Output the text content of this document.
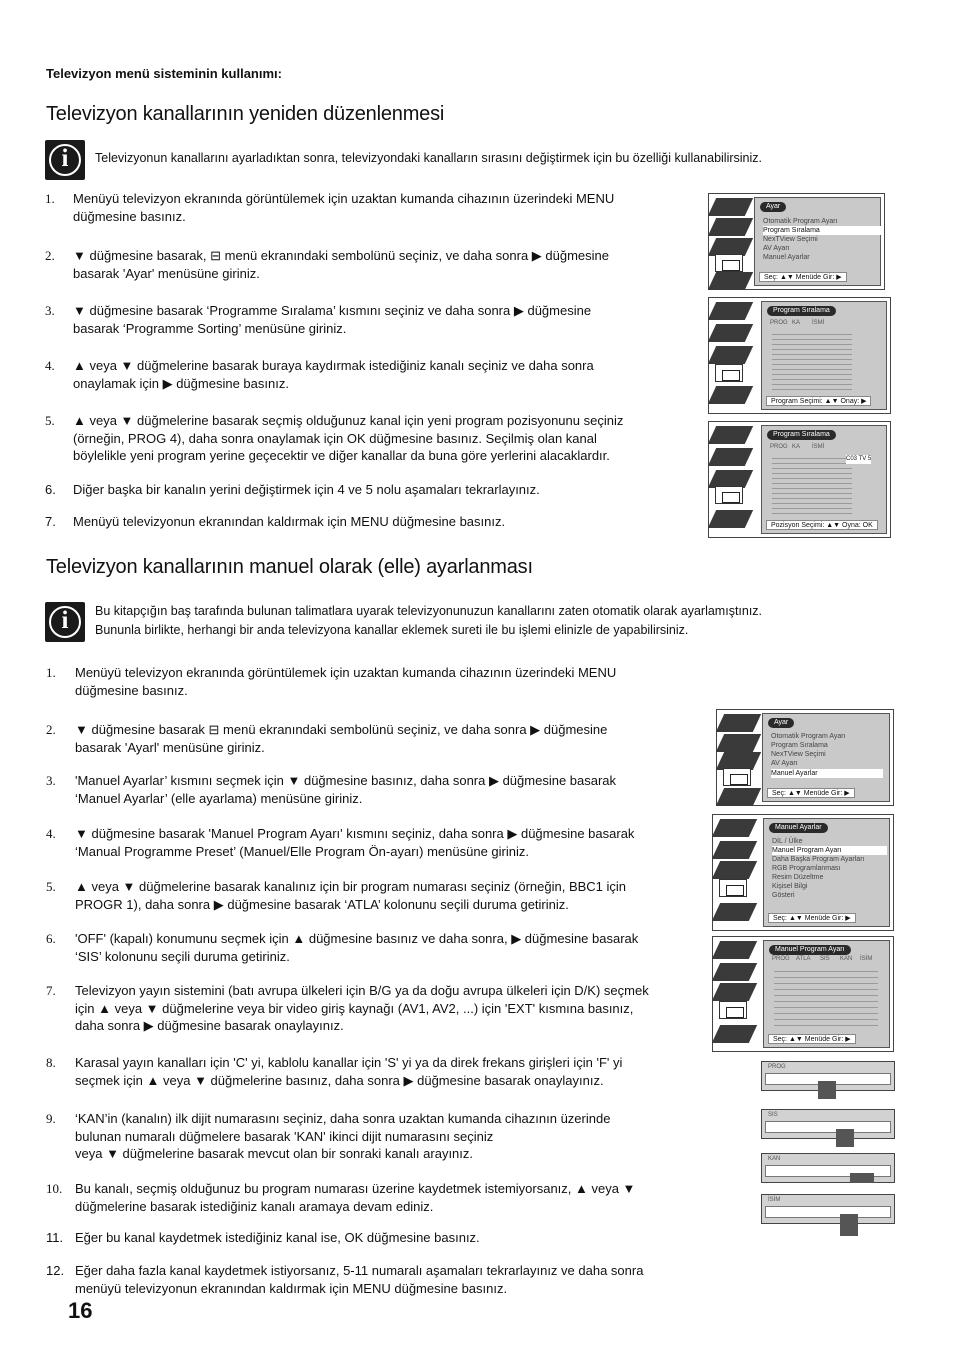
Televizyon menü sisteminin kullanımı:
Televizyon kanallarının yeniden düzenlenmesi
i	Televizyonun kanallarını ayarladıktan sonra, televizyondaki kanalların sırasını değiştirmek için bu özelliği kullanabilirsiniz.
1. Menüyü televizyon ekranında görüntülemek için uzaktan kumanda cihazının üzerindeki MENU
düğmesine basınız.
2. ▼ düğmesine basarak, ⊟ menü ekranındaki sembolünü seçiniz, ve daha sonra ▶ düğmesine
basarak 'Ayar' menüsüne giriniz.
3. ▼ düğmesine basarak ‘Programme Sıralama’ kısmını seçiniz ve daha sonra ▶ düğmesine
basarak ‘Programme Sorting’ menüsüne giriniz.
4. ▲ veya ▼ düğmelerine basarak buraya kaydırmak istediğiniz kanalı seçiniz ve daha sonra
onaylamak için ▶ düğmesine basınız.
5. ▲ veya ▼ düğmelerine basarak seçmiş olduğunuz kanal için yeni program pozisyonunu seçiniz
(örneğin, PROG 4), daha sonra onaylamak için OK düğmesine basınız. Seçilmiş olan kanal
böylelikle yeni program yerine geçecektir ve diğer kanallar da buna göre yerlerini alacaklardır.
6. Diğer başka bir kanalın yerini değiştirmek için 4 ve 5 nolu aşamaları tekrarlayınız.
7. Menüyü televizyonun ekranından kaldırmak için MENU düğmesine basınız.
Televizyon kanallarının manuel olarak (elle) ayarlanması
i	Bu kitapçığın baş tarafında bulunan talimatlara uyarak televizyonunuzun kanallarını zaten otomatik olarak ayarlamıştınız.
Bununla birlikte, herhangi bir anda televizyona kanallar eklemek sureti ile bu işlemi elinizle de yapabilirsiniz.
1. Menüyü televizyon ekranında görüntülemek için uzaktan kumanda cihazının üzerindeki MENU
düğmesine basınız.
2. ▼ düğmesine basarak ⊟ menü ekranındaki sembolünü seçiniz, ve daha sonra ▶ düğmesine
basarak 'Ayarl' menüsüne giriniz.
3. 'Manuel Ayarlar’ kısmını seçmek için ▼ düğmesine basınız, daha sonra ▶ düğmesine basarak
‘Manuel Ayarlar’ (elle ayarlama) menüsüne giriniz.
4. ▼ düğmesine basarak 'Manuel Program Ayarı' kısmını seçiniz, daha sonra ▶ düğmesine basarak
‘Manual Programme Preset’ (Manuel/Elle Program Ön-ayarı) menüsüne giriniz.
5. ▲ veya ▼ düğmelerine basarak kanalınız için bir program numarası seçiniz (örneğin, BBC1 için
PROGR 1), daha sonra ▶ düğmesine basarak ‘ATLA’ kolonunu seçili duruma getiriniz.
6. 'OFF' (kapalı) konumunu seçmek için ▲ düğmesine basınız ve daha sonra, ▶ düğmesine basarak
‘SIS’ kolonunu seçili duruma getiriniz.
7. Televizyon yayın sistemini (batı avrupa ülkeleri için B/G ya da doğu avrupa ülkeleri için D/K) seçmek
için ▲ veya ▼ düğmelerine veya bir video giriş kaynağı (AV1, AV2, ...) için 'EXT' kısmına basınız,
daha sonra ▶ düğmesine basarak onaylayınız.
8. Karasal yayın kanalları için 'C' yi, kablolu kanallar için 'S' yi ya da direk frekans girişleri için 'F' yi
seçmek için ▲ veya ▼ düğmelerine basınız, daha sonra ▶ düğmesine basarak onaylayınız.
9. ‘KAN’in (kanalın) ilk dijit numarasını seçiniz, daha sonra uzaktan kumanda cihazının üzerinde
bulunan numaralı düğmelere basarak 'KAN' ikinci dijit numarasını seçiniz
veya ▼ düğmelerine basarak mevcut olan bir sonraki kanalı arayınız.
10. Bu kanalı, seçmiş olduğunuz bu program numarası üzerine kaydetmek istemiyorsanız, ▲ veya ▼
düğmelerine basarak istediğiniz kanalı aramaya devam ediniz.
11. Eğer bu kanal kaydetmek istediğiniz kanal ise, OK düğmesine basınız.
12. Eğer daha fazla kanal kaydetmek istiyorsanız, 5-11 numaralı aşamaları tekrarlayınız ve daha sonra
menüyü televizyonun ekranından kaldırmak için MENU düğmesine basınız.
Ayar
Otomatik Program Ayarı
Program Sıralama
NexTView Seçimi
AV Ayarı
Manuel Ayarlar
Seç: ▲▼ Menüde Gir: ▶
Program Sıralama
PROG KA İSMİ
Program Seçimi: ▲▼ Onay: ▶
Program Sıralama
PROG KA İSMİ
C03 TV 5
Pozisyon Seçimi: ▲▼ Oyna: OK
Ayar
Otomatik Program Ayarı
Program Sıralama
NexTView Seçimi
AV Ayarı
Manuel Ayarlar
Seç: ▲▼ Menüde Gir: ▶
Manuel Ayarlar
DİL / Ülke
Manuel Program Ayarı
Daha Başka Program Ayarları
RGB Programlanması
Resim Düzeltme
Kişisel Bilgi
Gösteri
Seç: ▲▼ Menüde Gir: ▶
Manuel Program Ayarı
PROG ATLA SIS KAN İSİM
Seç: ▲▼ Menüde Gir: ▶
PROG
SIS
KAN
İSİM
16
